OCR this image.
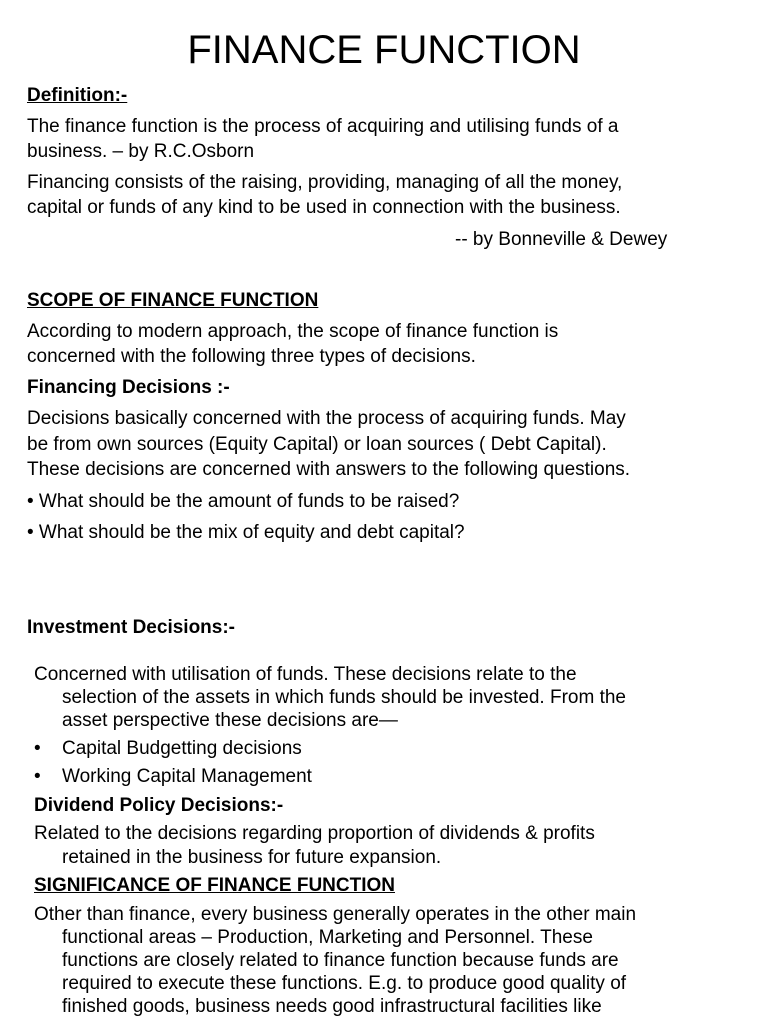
FINANCE FUNCTION
Definition:-
The finance function is the process of acquiring and utilising funds of a
business. – by R.C.Osborn
Financing consists of the raising, providing, managing of all the money,
capital or funds of any kind to be used in connection with the business.
-- by Bonneville & Dewey
SCOPE OF FINANCE FUNCTION
According to modern approach, the scope of finance function is
concerned with the following three types of decisions.
Financing Decisions :-
Decisions basically concerned with the process of acquiring funds. May
be from own sources (Equity Capital) or loan sources ( Debt Capital).
These decisions are concerned with answers to the following questions.
• What should be the amount of funds to be raised?
• What should be the mix of equity and debt capital?
Investment Decisions:-
Concerned with utilisation of funds. These decisions relate to the
selection of the assets in which funds should be invested. From the
asset perspective these decisions are—
• Capital Budgetting decisions
• Working Capital Management
Dividend Policy Decisions:-
Related to the decisions regarding proportion of dividends & profits
retained in the business for future expansion.
SIGNIFICANCE OF FINANCE FUNCTION
Other than finance, every business generally operates in the other main
functional areas – Production, Marketing and Personnel. These
functions are closely related to finance function because funds are
required to execute these functions. E.g. to produce good quality of
finished goods, business needs good infrastructural facilities like
